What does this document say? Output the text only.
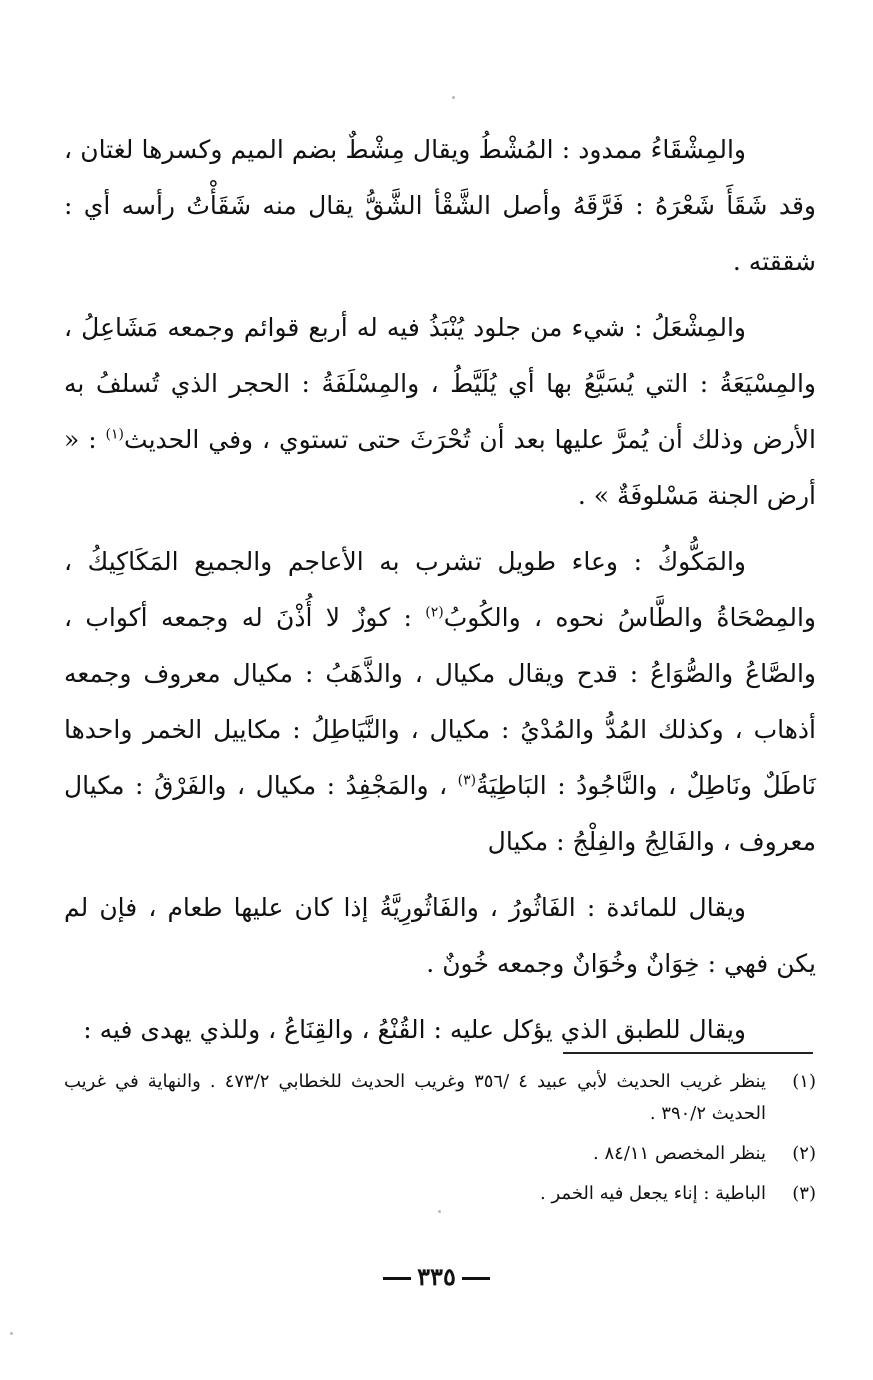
والمِشْقَاءُ ممدود : المُشْطُ ويقال مِشْطٌ بضم الميم وكسرها لغتان ، وقد شَقَأَ شَعْرَهُ : فَرَّقَهُ وأصل الشَّقْأ الشَّقُّ يقال منه شَقَأْتُ رأسه أي : شققته .

والمِشْعَلُ : شيء من جلود يُنْبَذُ فيه له أربع قوائم وجمعه مَشَاعِلُ ، والمِسْيَعَةُ : التي يُسَيَّعُ بها أي يُلَيَّطُ ، والمِسْلَفَةُ : الحجر الذي تُسلفُ به الأرض وذلك أن يُمرَّ عليها بعد أن تُحْرَثَ حتى تستوي ، وفي الحديث$^{(١)}$ : « أرض الجنة مَسْلوفَةٌ » .

والمَكُّوكُ : وعاء طويل تشرب به الأعاجم والجميع المَكَاكِيكُ ، والمِصْحَاةُ والطَّاسُ نحوه ، والكُوبُ$^{(٢)}$ : كوزٌ لا أُذْنَ له وجمعه أكواب ، والصَّاعُ والصُّوَاعُ : قدح ويقال مكيال ، والذَّهَبُ : مكيال معروف وجمعه أذهاب ، وكذلك المُدُّ والمُدْيُ : مكيال ، والنَّيَاطِلُ : مكاييل الخمر واحدها نَاطَلٌ ونَاطِلٌ ، والنَّاجُودُ : البَاطِيَةُ$^{(٣)}$ ، والمَجْفِدُ : مكيال ، والفَرْقُ : مكيال معروف ، والفَالِجُ والفِلْجُ : مكيال

ويقال للمائدة : الفَاثُورُ ، والفَاثُورِيَّةُ إذا كان عليها طعام ، فإن لم يكن فهي : خِوَانٌ وخُوَانٌ وجمعه خُونٌ .

ويقال للطبق الذي يؤكل عليه : القُنْعُ ، والقِنَاعُ ، وللذي يهدى فيه :

(١)
ينظر غريب الحديث لأبي عبيد ٤ /٣٥٦ وغريب الحديث للخطابي ٤٧٣/٢ . والنهاية في غريب الحديث ٣٩٠/٢ .
(٢)
ينظر المخصص ٨٤/١١ .
(٣)
الباطية : إناء يجعل فيه الخمر .
٣٣٥
